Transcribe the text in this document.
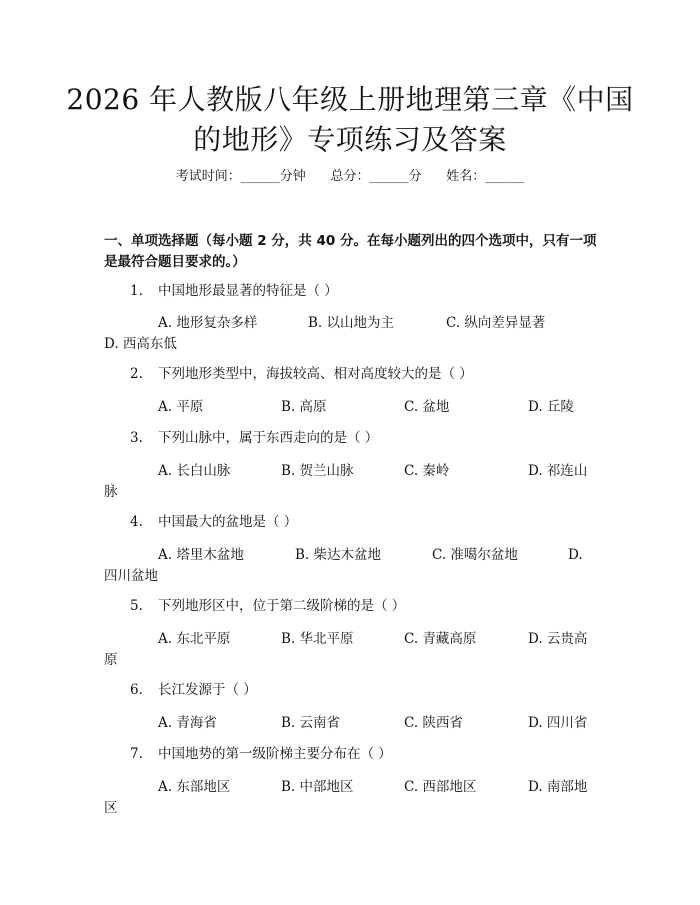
2026 年人教版八年级上册地理第三章《中国
的地形》专项练习及答案
考试时间：______分钟      总分：______分      姓名：______
一、单项选择题（每小题 2 分，共 40 分。在每小题列出的四个选项中，只有一项
是最符合题目要求的。）
1. 中国地形最显著的特征是（ ）
A. 地形复杂多样	B. 以山地为主	C. 纵向差异显著
D. 西高东低
2. 下列地形类型中，海拔较高、相对高度较大的是（ ）
A. 平原	B. 高原	C. 盆地	D. 丘陵
3. 下列山脉中，属于东西走向的是（ ）
A. 长白山脉	B. 贺兰山脉	C. 秦岭	D. 祁连山
脉
4. 中国最大的盆地是（ ）
A. 塔里木盆地	B. 柴达木盆地	C. 准噶尔盆地	D.
四川盆地
5. 下列地形区中，位于第二级阶梯的是（ ）
A. 东北平原	B. 华北平原	C. 青藏高原	D. 云贵高
原
6. 长江发源于（ ）
A. 青海省	B. 云南省	C. 陕西省	D. 四川省
7. 中国地势的第一级阶梯主要分布在（ ）
A. 东部地区	B. 中部地区	C. 西部地区	D. 南部地
区
